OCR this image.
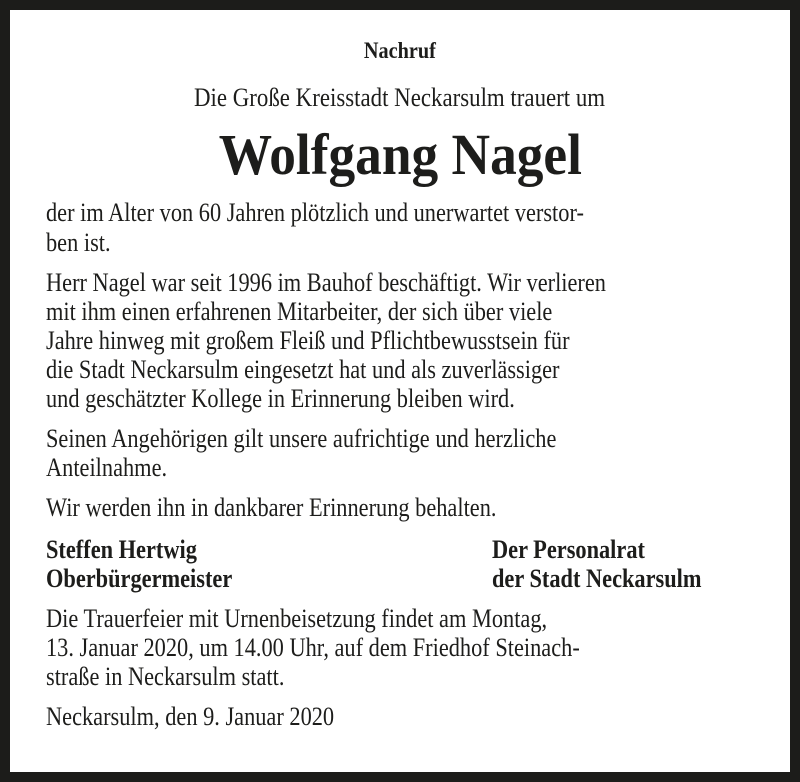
Nachruf
Die Große Kreisstadt Neckarsulm trauert um
Wolfgang Nagel
der im Alter von 60 Jahren plötzlich und unerwartet verstor-
ben ist.
Herr Nagel war seit 1996 im Bauhof beschäftigt. Wir verlieren
mit ihm einen erfahrenen Mitarbeiter, der sich über viele
Jahre hinweg mit großem Fleiß und Pflichtbewusstsein für
die Stadt Neckarsulm eingesetzt hat und als zuverlässiger
und geschätzter Kollege in Erinnerung bleiben wird.
Seinen Angehörigen gilt unsere aufrichtige und herzliche
Anteilnahme.
Wir werden ihn in dankbarer Erinnerung behalten.
Steffen Hertwig
Oberbürgermeister
Der Personalrat
der Stadt Neckarsulm
Die Trauerfeier mit Urnenbeisetzung findet am Montag,
13. Januar 2020, um 14.00 Uhr, auf dem Friedhof Steinach-
straße in Neckarsulm statt.
Neckarsulm, den 9. Januar 2020
